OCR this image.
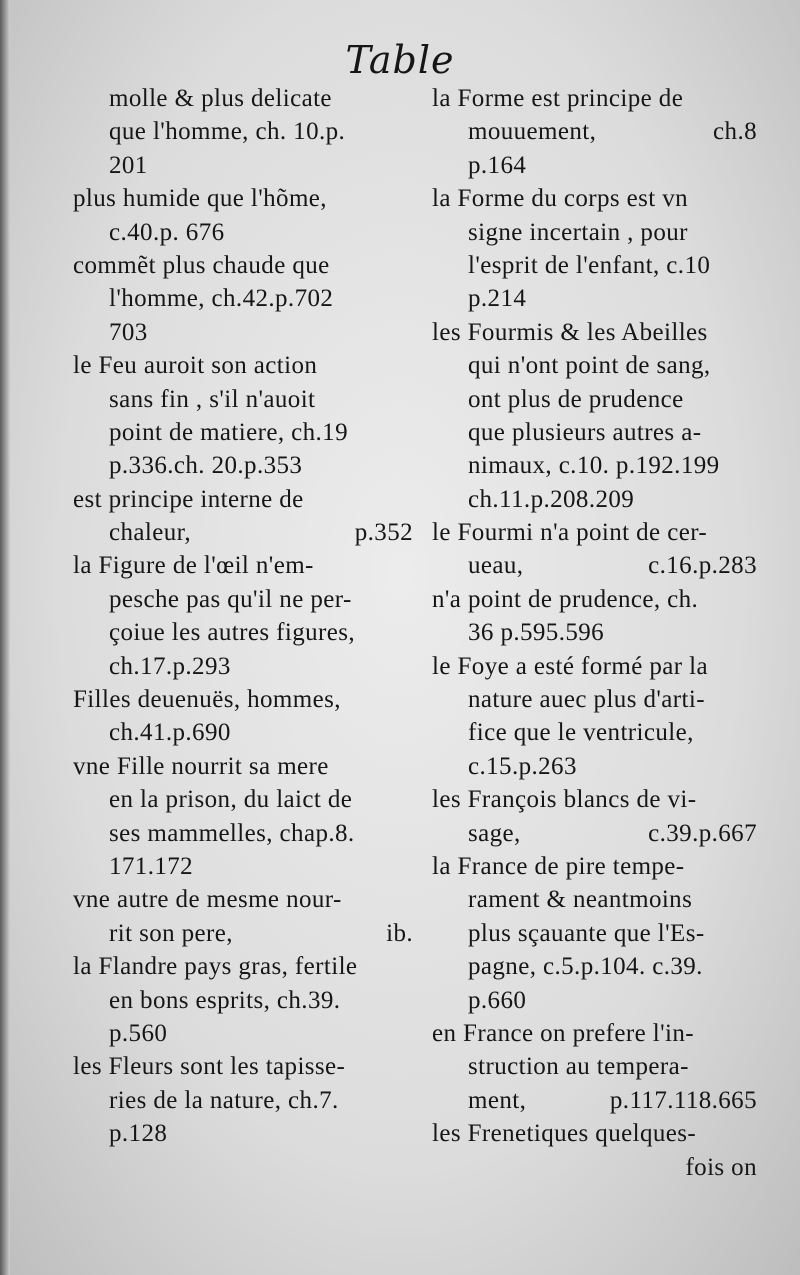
Table
molle & plus delicate
que l'homme, ch. 10.p.
201
plus humide que l'hõme,
c.40.p. 676
commẽt plus chaude que
l'homme, ch.42.p.702
703
le Feu auroit son action
sans fin , s'il n'auoit
point de matiere, ch.19
p.336.ch. 20.p.353
est principe interne de
chaleur,	p.352
la Figure de l'œil n'em-
pesche pas qu'il ne per-
çoiue les autres figures,
ch.17.p.293
Filles deuenuës, hommes,
ch.41.p.690
vne Fille nourrit sa mere
en la prison, du laict de
ses mammelles, chap.8.
171.172
vne autre de mesme nour-
rit son pere,	ib.
la Flandre pays gras, fertile
en bons esprits, ch.39.
p.560
les Fleurs sont les tapisse-
ries de la nature, ch.7.
p.128
la Forme est principe de
mouuement,	ch.8
p.164
la Forme du corps est vn
signe incertain , pour
l'esprit de l'enfant, c.10
p.214
les Fourmis & les Abeilles
qui n'ont point de sang,
ont plus de prudence
que plusieurs autres a-
nimaux, c.10. p.192.199
ch.11.p.208.209
le Fourmi n'a point de cer-
ueau,	c.16.p.283
n'a point de prudence, ch.
36 p.595.596
le Foye a esté formé par la
nature auec plus d'arti-
fice que le ventricule,
c.15.p.263
les François blancs de vi-
sage,	c.39.p.667
la France de pire tempe-
rament & neantmoins
plus sçauante que l'Es-
pagne, c.5.p.104. c.39.
p.660
en France on prefere l'in-
struction au tempera-
ment,	p.117.118.665
les Frenetiques quelques-
fois on
